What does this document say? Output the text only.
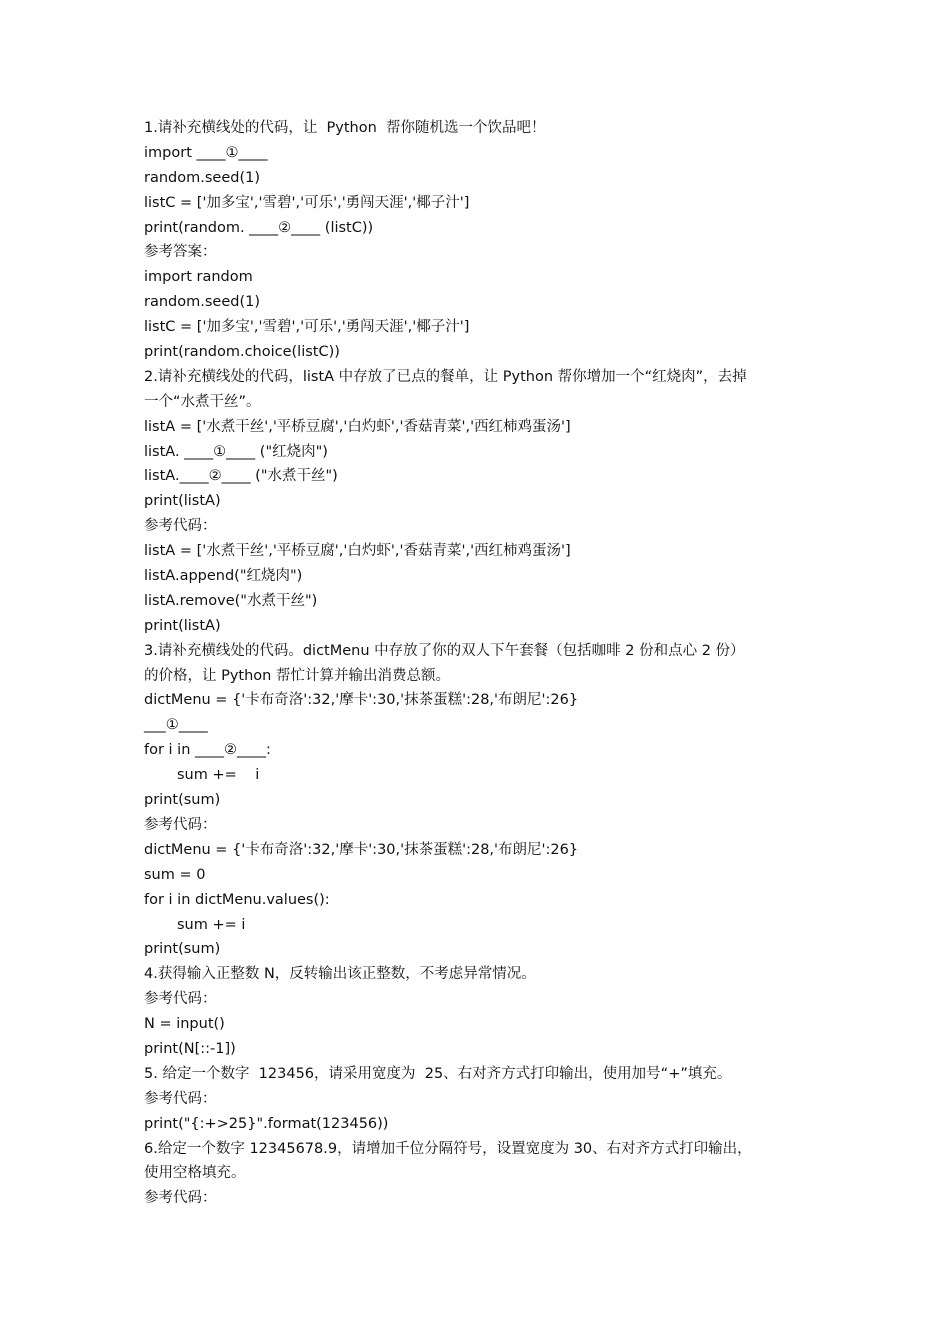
1.请补充横线处的代码，让  Python  帮你随机选一个饮品吧！
import ____①____
random.seed(1)
listC = ['加多宝','雪碧','可乐','勇闯天涯','椰子汁']
print(random. ____②____ (listC))
参考答案：
import random
random.seed(1)
listC = ['加多宝','雪碧','可乐','勇闯天涯','椰子汁']
print(random.choice(listC))
2.请补充横线处的代码，listA 中存放了已点的餐单，让 Python 帮你增加一个“红烧肉”，去掉
一个“水煮干丝”。
listA = ['水煮干丝','平桥豆腐','白灼虾','香菇青菜','西红柿鸡蛋汤']
listA. ____①____ ("红烧肉")
listA.____②____ ("水煮干丝")
print(listA)
参考代码：
listA = ['水煮干丝','平桥豆腐','白灼虾','香菇青菜','西红柿鸡蛋汤']
listA.append("红烧肉")
listA.remove("水煮干丝")
print(listA)
3.请补充横线处的代码。dictMenu 中存放了你的双人下午套餐（包括咖啡 2 份和点心 2 份）
的价格，让 Python 帮忙计算并输出消费总额。
dictMenu = {'卡布奇洛':32,'摩卡':30,'抹茶蛋糕':28,'布朗尼':26}
___①____
for i in ____②____:
sum +=    i
print(sum)
参考代码：
dictMenu = {'卡布奇洛':32,'摩卡':30,'抹茶蛋糕':28,'布朗尼':26}
sum = 0
for i in dictMenu.values():
sum += i
print(sum)
4.获得输入正整数 N，反转输出该正整数，不考虑异常情况。
参考代码：
N = input()
print(N[::-1])
5. 给定一个数字  123456，请采用宽度为  25、右对齐方式打印输出，使用加号“+”填充。
参考代码：
print("{:+>25}".format(123456))
6.给定一个数字 12345678.9，请增加千位分隔符号，设置宽度为 30、右对齐方式打印输出，
使用空格填充。
参考代码：
